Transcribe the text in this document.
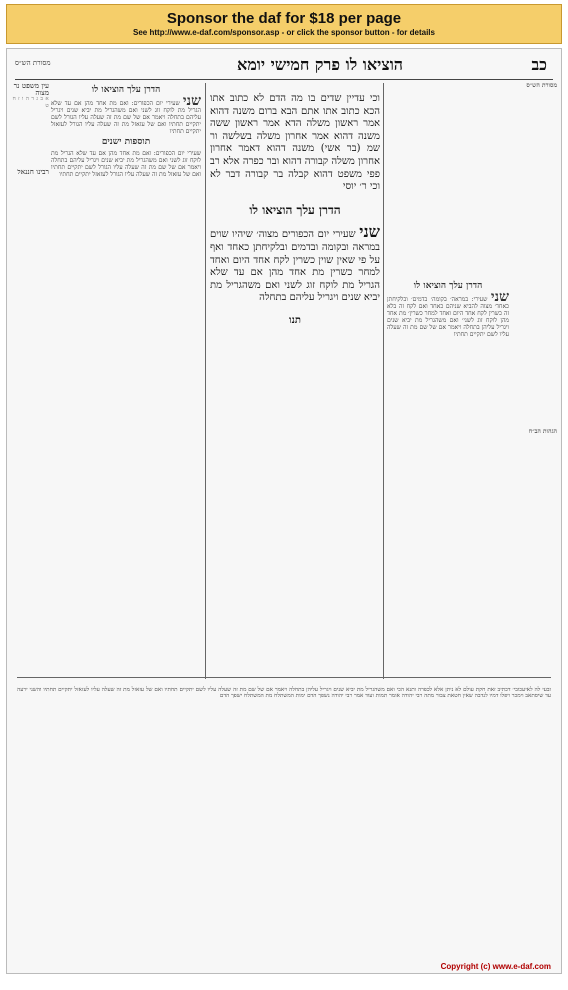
Sponsor the daf for $18 per page
See http://www.e-daf.com/sponsor.asp - or click the sponsor button - for details
מסורת הש״ס	הוציאו לו פרק חמישי יומא	כב
עין משפט נר מצוה
א ב ג ד ה ו ז ח ט
הדרן עלך הוציאו לו

שני שעירי יום הכפורים: ואם מת אחד מהן אם עד שלא הגריל מת לוקח זוג לשני ואם משהגריל מת יביא שנים ויגריל עליהם בתחלה ויאמר אם של שם מת זה שעלה עליו הגורל לשם יתקיים תחתיו ואם של עזאזל מת זה שעלה עליו הגורל לעזאזל יתקיים תחתיו

תוספות ישנים

שעירי יום הכפורים: ואם מת אחד מהן אם עד שלא הגריל מת לוקח זוג לשני ואם משהגריל מת יביא שנים ויגריל עליהם בתחלה ויאמר אם של שם מת זה שעלה עליו הגורל לשם יתקיים תחתיו ואם של עזאזל מת זה שעלה עליו הגורל לעזאזל יתקיים תחתיו

רבינו חננאל

וכי עדיין שדים בו מה הדם לא כתוב אתו הכא כתוב אתו אתם הבא ברום משנה דהוא אמר ראשון משלה הדא אמר ראשון ששה משנה דהוא אמר אחרון משלה בשלשה ור שמ (בר אשי) משנה דהוא דאמר אחרון אחרון משלה קבורה דהוא ובר כפרה אלא רב פפי משפט דהוא קבלה בר קבורה דבר לא וכי ר׳ יוסי

הדרן עלך הוציאו לו

שני שעירי יום הכפורים מצוה׳ שיהיו שוים במראה ובקומה ובדמים ובלקיחתן כאחד ואף על פי שאין שוין כשרין לקח אחד היום ואחד למחר כשרין מת אחד מהן אם עד שלא הגריל מת לוקח זוג לשני ואם משהגריל מת יביא שנים ויגריל עליהם בתחלה

תנו

הדרן עלך הוציאו לו

שני שעירי: במראה׳ בקומה׳ בדמים׳ ובלקיחתן כאחד׳ מצוה להביא שניהם כאחד ואם לקח זה בלא זה כשרין לקח אחד היום ואחד למחר כשרין׳ מת אחד מהן לוקח זוג לשני׳ ואם משהגריל מת יביא שנים ויגריל עליהן בתחלה ויאמר אם של שם מת זה שעלה עליו לשם יתקיים תחתיו

מסורת הש״ס
הגהות הב״ח

ובעי לה לאיעכובי׳ דכתיב זאת חקת עולם לא ניתן אלא לכפרה ותנא הכי ואם משהגריל מת יביא שנים ויגריל עליהן בתחלה ויאמר אם של שם מת זה שעלה עליו לשם יתקיים תחתיו ואם של עזאזל מת זה שעלה עליו לעזאזל יתקיים תחתיו והשני ירעה עד שיסתאב וימכר ויפלו דמיו לנדבה שאין חטאת צבור מתה רבי יהודה אומר תמות ועוד אמר רבי יהודה נשפך הדם ימות המשתלח מת המשתלח ישפך הדם

Copyright (c) www.e-daf.com
